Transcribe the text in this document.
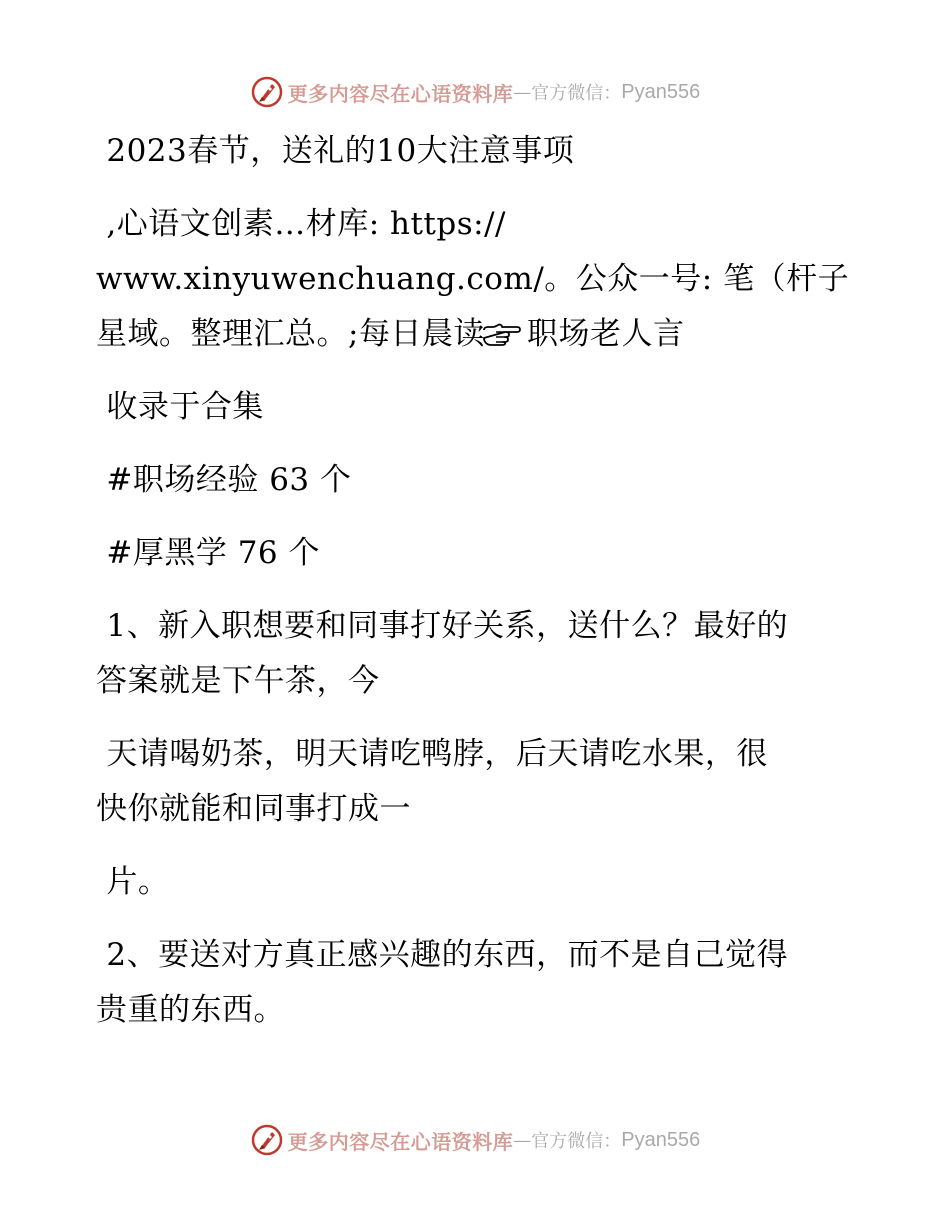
更多内容尽在心语资料库 — 官方微信： Pyan556

2023春节，送礼的10大注意事项

,心语文创素…材库: https://
www.xinyuwenchuang.com/。公众一号: 笔（杆子
星域。整理汇总。;每日晨读 职场老人言

收录于合集

#职场经验 63 个

#厚黑学 76 个

1、新入职想要和同事打好关系，送什么？最好的
答案就是下午茶，今

天请喝奶茶，明天请吃鸭脖，后天请吃水果，很
快你就能和同事打成一

片。

2、要送对方真正感兴趣的东西，而不是自己觉得
贵重的东西。

更多内容尽在心语资料库 — 官方微信： Pyan556
